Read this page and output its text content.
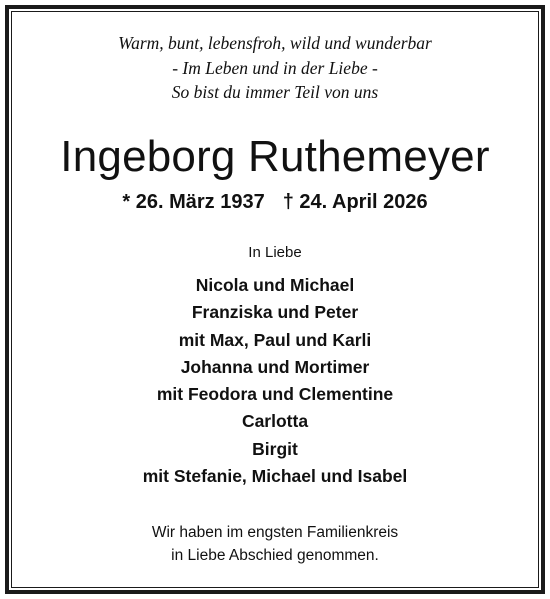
Warm, bunt, lebensfroh, wild und wunderbar
- Im Leben und in der Liebe -
So bist du immer Teil von uns
Ingeborg Ruthemeyer
* 26. März 1937 † 24. April 2026
In Liebe
Nicola und Michael
Franziska und Peter
mit Max, Paul und Karli
Johanna und Mortimer
mit Feodora und Clementine
Carlotta
Birgit
mit Stefanie, Michael und Isabel
Wir haben im engsten Familienkreis
in Liebe Abschied genommen.
